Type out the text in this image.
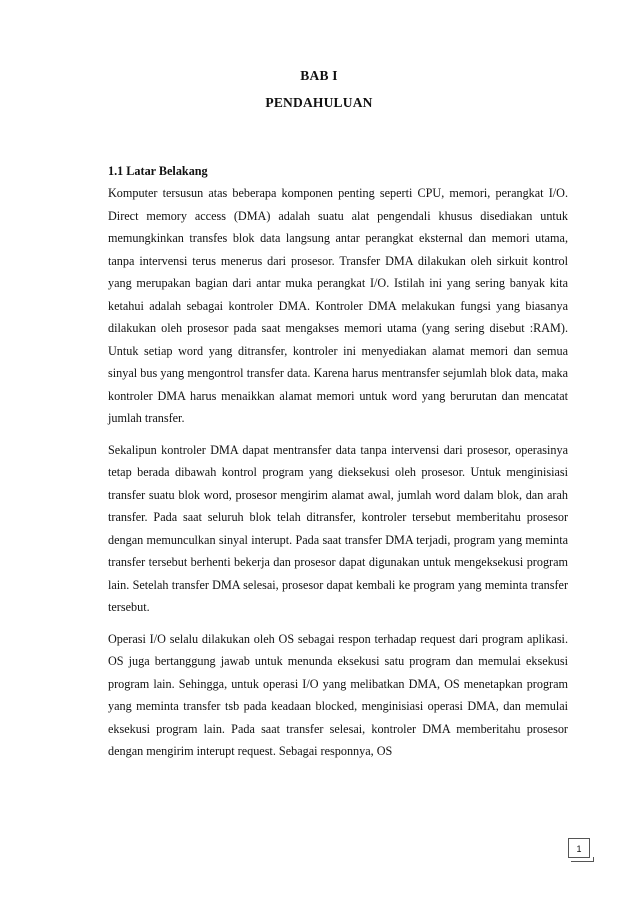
BAB I
PENDAHULUAN

1.1 Latar Belakang

Komputer tersusun atas beberapa komponen penting seperti CPU, memori, perangkat I/O. Direct memory access (DMA) adalah suatu alat pengendali khusus disediakan untuk memungkinkan transfes blok data langsung antar perangkat eksternal dan memori utama, tanpa intervensi terus menerus dari prosesor. Transfer DMA dilakukan oleh sirkuit kontrol yang merupakan bagian dari antar muka perangkat I/O. Istilah ini yang sering banyak kita ketahui adalah sebagai kontroler DMA. Kontroler DMA melakukan fungsi yang biasanya dilakukan oleh prosesor pada saat mengakses memori utama (yang sering disebut :RAM). Untuk setiap word yang ditransfer, kontroler ini menyediakan alamat memori dan semua sinyal bus yang mengontrol transfer data. Karena harus mentransfer sejumlah blok data, maka kontroler DMA harus menaikkan alamat memori untuk word yang berurutan dan mencatat jumlah transfer.

Sekalipun kontroler DMA dapat mentransfer data tanpa intervensi dari prosesor, operasinya tetap berada dibawah kontrol program yang dieksekusi oleh prosesor. Untuk menginisiasi transfer suatu blok word, prosesor mengirim alamat awal, jumlah word dalam blok, dan arah transfer. Pada saat seluruh blok telah ditransfer, kontroler tersebut memberitahu prosesor dengan memunculkan sinyal interupt. Pada saat transfer DMA terjadi, program yang meminta transfer tersebut berhenti bekerja dan prosesor dapat digunakan untuk mengeksekusi program lain. Setelah transfer DMA selesai, prosesor dapat kembali ke program yang meminta transfer tersebut.

Operasi I/O selalu dilakukan oleh OS sebagai respon terhadap request dari program aplikasi. OS juga bertanggung jawab untuk menunda eksekusi satu program dan memulai eksekusi program lain. Sehingga, untuk operasi I/O yang melibatkan DMA, OS menetapkan program yang meminta transfer tsb pada keadaan blocked, menginisiasi operasi DMA, dan memulai eksekusi program lain. Pada saat transfer selesai, kontroler DMA memberitahu prosesor dengan mengirim interupt request. Sebagai responnya, OS

1
